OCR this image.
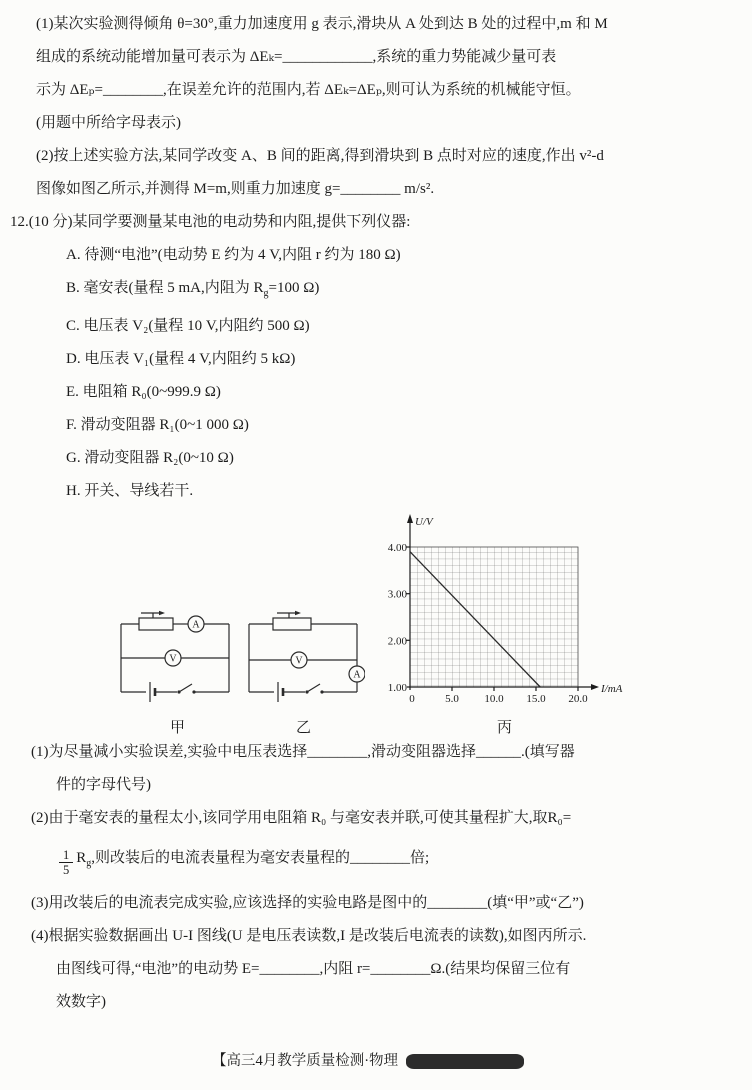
(1)某次实验测得倾角 θ=30°,重力加速度用 g 表示,滑块从 A 处到达 B 处的过程中,m 和 M
组成的系统动能增加量可表示为 ΔEₖ=____________,系统的重力势能减少量可表
示为 ΔEₚ=________,在误差允许的范围内,若 ΔEₖ=ΔEₚ,则可认为系统的机械能守恒。
(用题中所给字母表示)
(2)按上述实验方法,某同学改变 A、B 间的距离,得到滑块到 B 点时对应的速度,作出 v²-d
图像如图乙所示,并测得 M=m,则重力加速度 g=________ m/s².
12.(10 分)某同学要测量某电池的电动势和内阻,提供下列仪器:
A. 待测“电池”(电动势 E 约为 4 V,内阻 r 约为 180 Ω)
B. 毫安表(量程 5 mA,内阻为 $R_g=100$ Ω)
C. 电压表 V₂(量程 10 V,内阻约 500 Ω)
D. 电压表 V₁(量程 4 V,内阻约 5 kΩ)
E. 电阻箱 R₀(0~999.9 Ω)
F. 滑动变阻器 R₁(0~1 000 Ω)
G. 滑动变阻器 R₂(0~10 Ω)
H. 开关、导线若干.
A
V	V
A
U/V
4.00
3.00
2.00
1.00
0	5.0 10.0 15.0 20.0
I/mA
甲	乙	丙
(1)为尽量减小实验误差,实验中电压表选择________,滑动变阻器选择______.(填写器
件的字母代号)
(2)由于毫安表的量程太小,该同学用电阻箱 R₀ 与毫安表并联,可使其量程扩大,取R₀=
$\frac{1}{5} R_g$,则改装后的电流表量程为毫安表量程的________倍;
(3)用改装后的电流表完成实验,应该选择的实验电路是图中的________(填“甲”或“乙”)
(4)根据实验数据画出 U-I 图线(U 是电压表读数,I 是改装后电流表的读数),如图丙所示.
由图线可得,“电池”的电动势 E=________,内阻 r=________Ω.(结果均保留三位有
效数字)
【高三4月教学质量检测·物理
